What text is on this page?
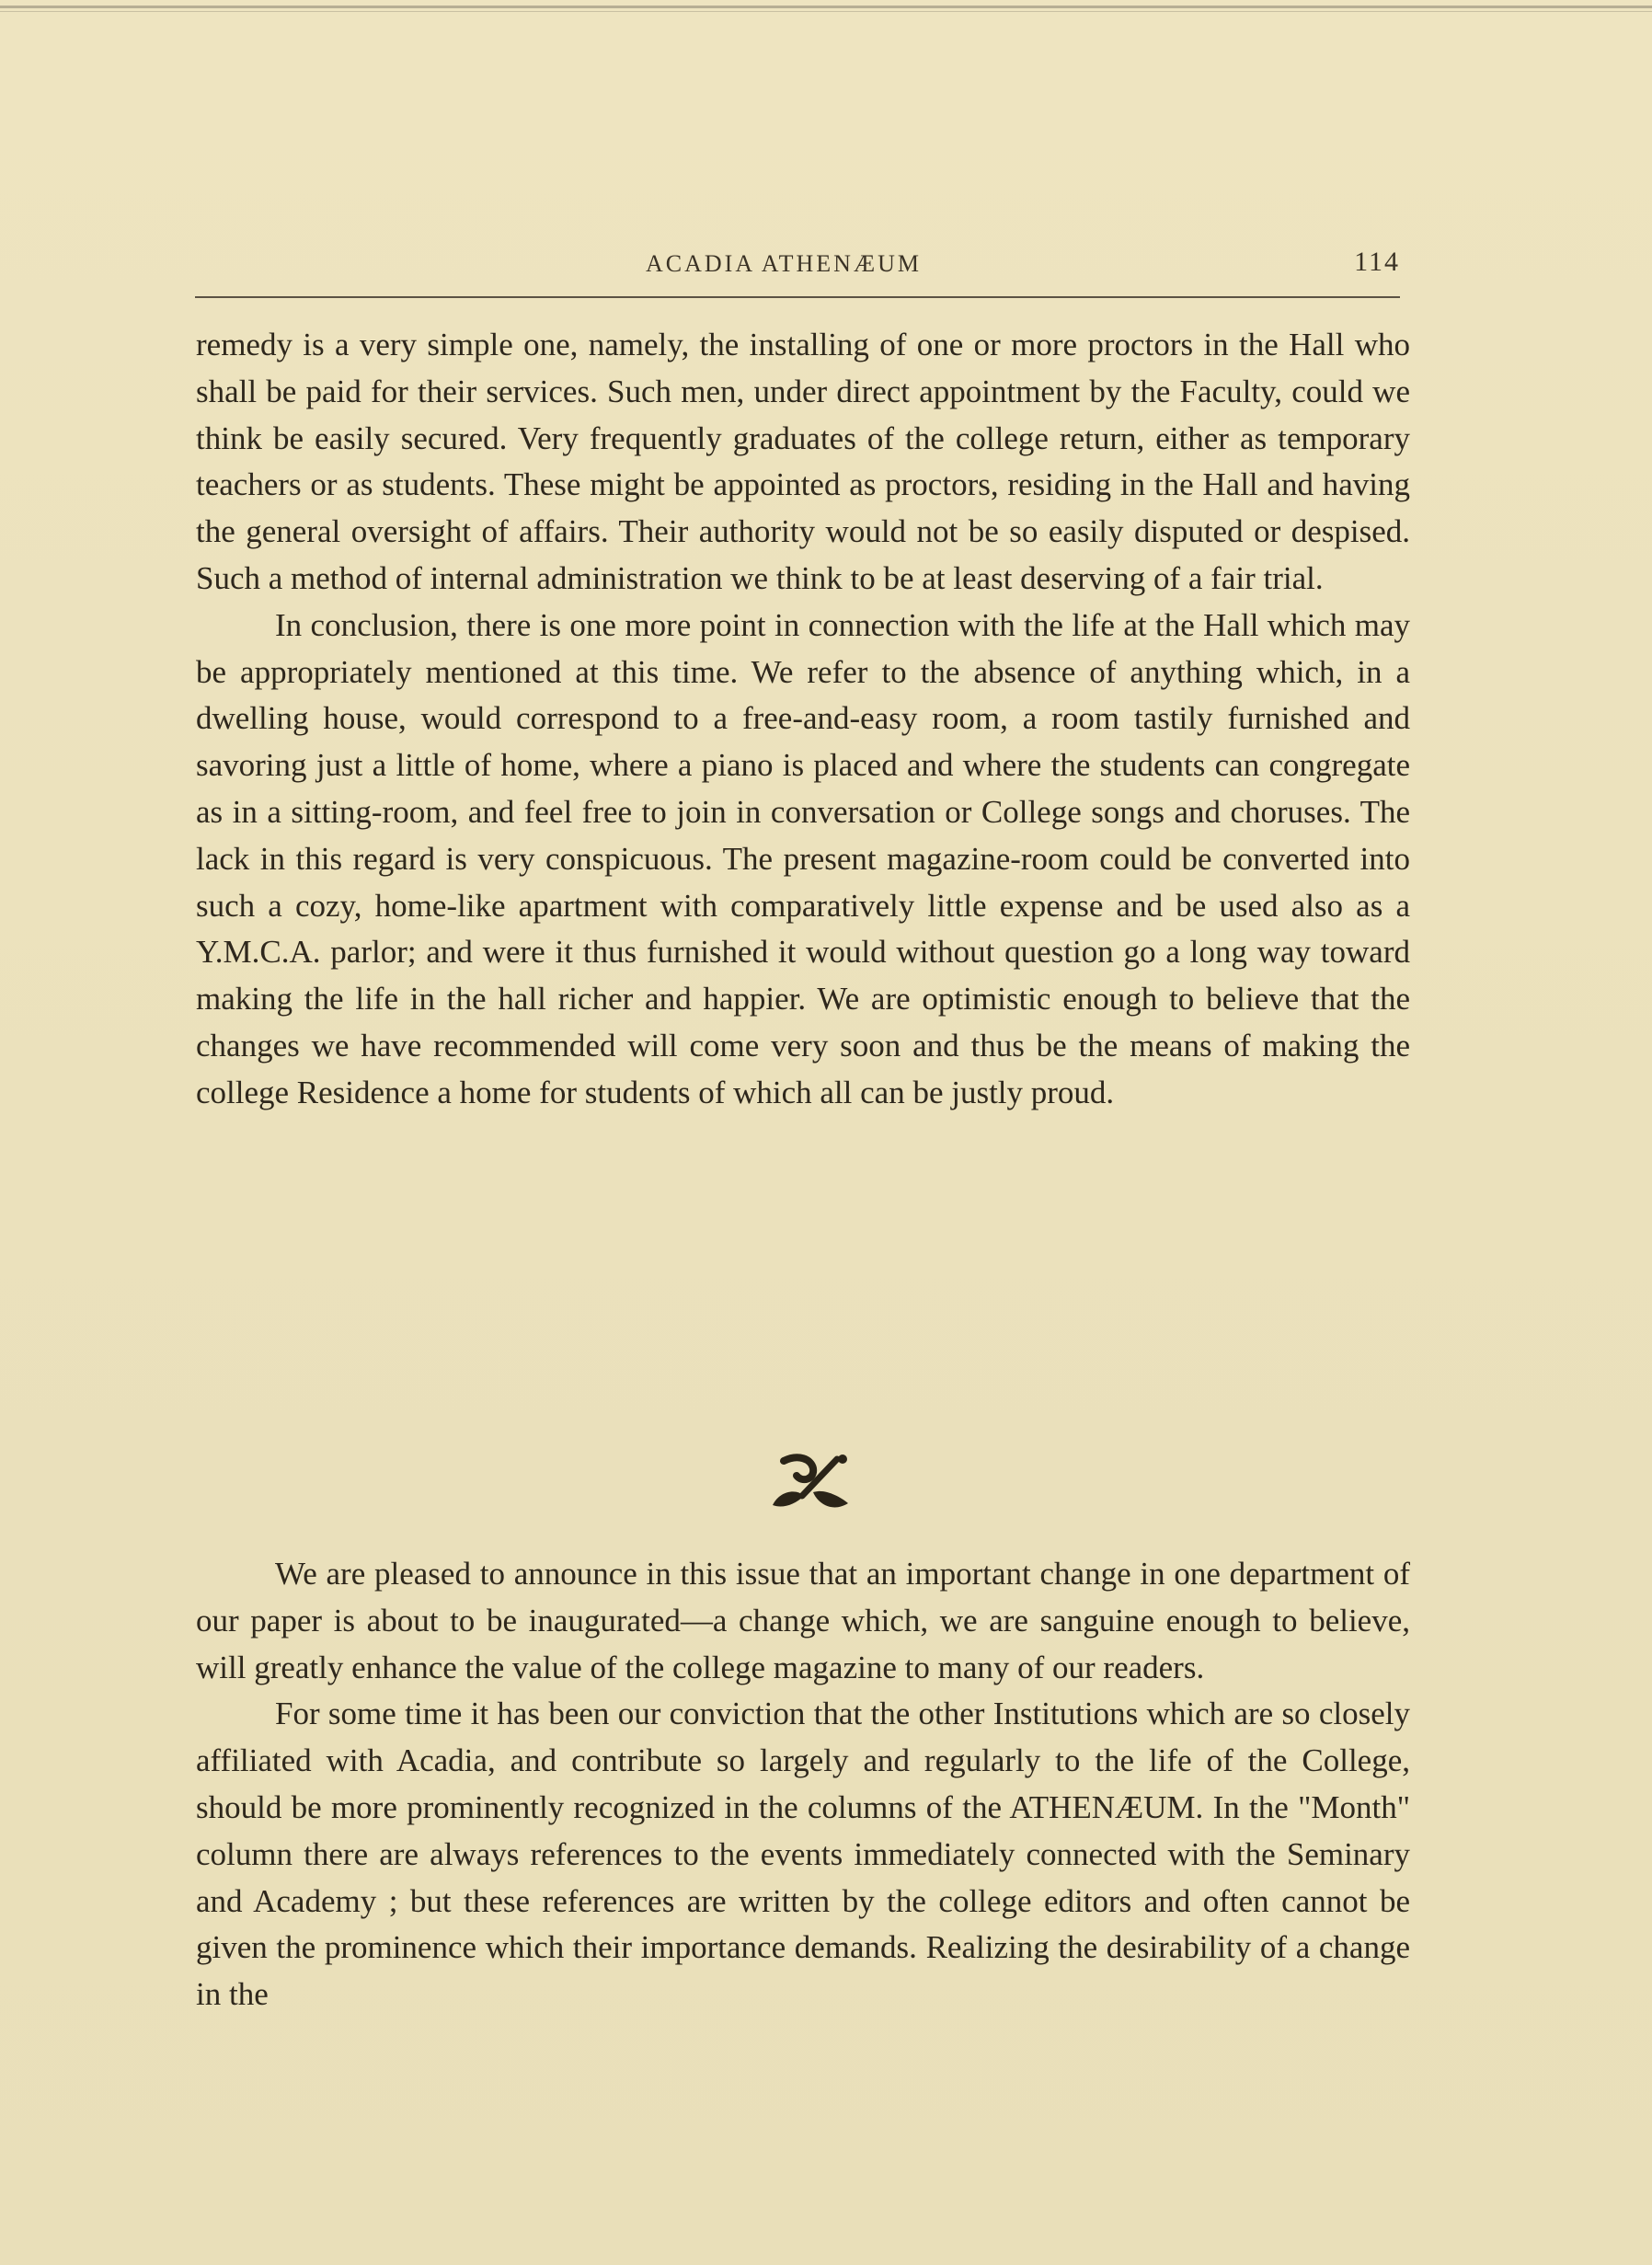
ACADIA ATHENÆUM	114

remedy is a very simple one, namely, the installing of one or more proctors in the Hall who shall be paid for their services. Such men, under direct appointment by the Faculty, could we think be easily secured. Very frequently graduates of the college return, either as temporary teachers or as students. These might be appointed as proctors, residing in the Hall and having the general oversight of affairs. Their authority would not be so easily disputed or despised. Such a method of internal administration we think to be at least deserving of a fair trial.

In conclusion, there is one more point in connection with the life at the Hall which may be appropriately mentioned at this time. We refer to the absence of anything which, in a dwelling house, would correspond to a free-and-easy room, a room tastily furnished and savoring just a little of home, where a piano is placed and where the students can congregate as in a sitting-room, and feel free to join in conversation or College songs and choruses. The lack in this regard is very conspicuous. The present magazine-room could be converted into such a cozy, home-like apartment with comparatively little expense and be used also as a Y.M.C.A. parlor; and were it thus furnished it would without question go a long way toward making the life in the hall richer and happier. We are optimistic enough to believe that the changes we have recommended will come very soon and thus be the means of making the college Residence a home for students of which all can be justly proud.

We are pleased to announce in this issue that an important change in one department of our paper is about to be inaugurated—a change which, we are sanguine enough to believe, will greatly enhance the value of the college magazine to many of our readers.

For some time it has been our conviction that the other Institutions which are so closely affiliated with Acadia, and contribute so largely and regularly to the life of the College, should be more prominently recognized in the columns of the ATHENÆUM. In the "Month" column there are always references to the events immediately connected with the Seminary and Academy ; but these references are written by the college editors and often cannot be given the prominence which their importance demands. Realizing the desirability of a change in the
